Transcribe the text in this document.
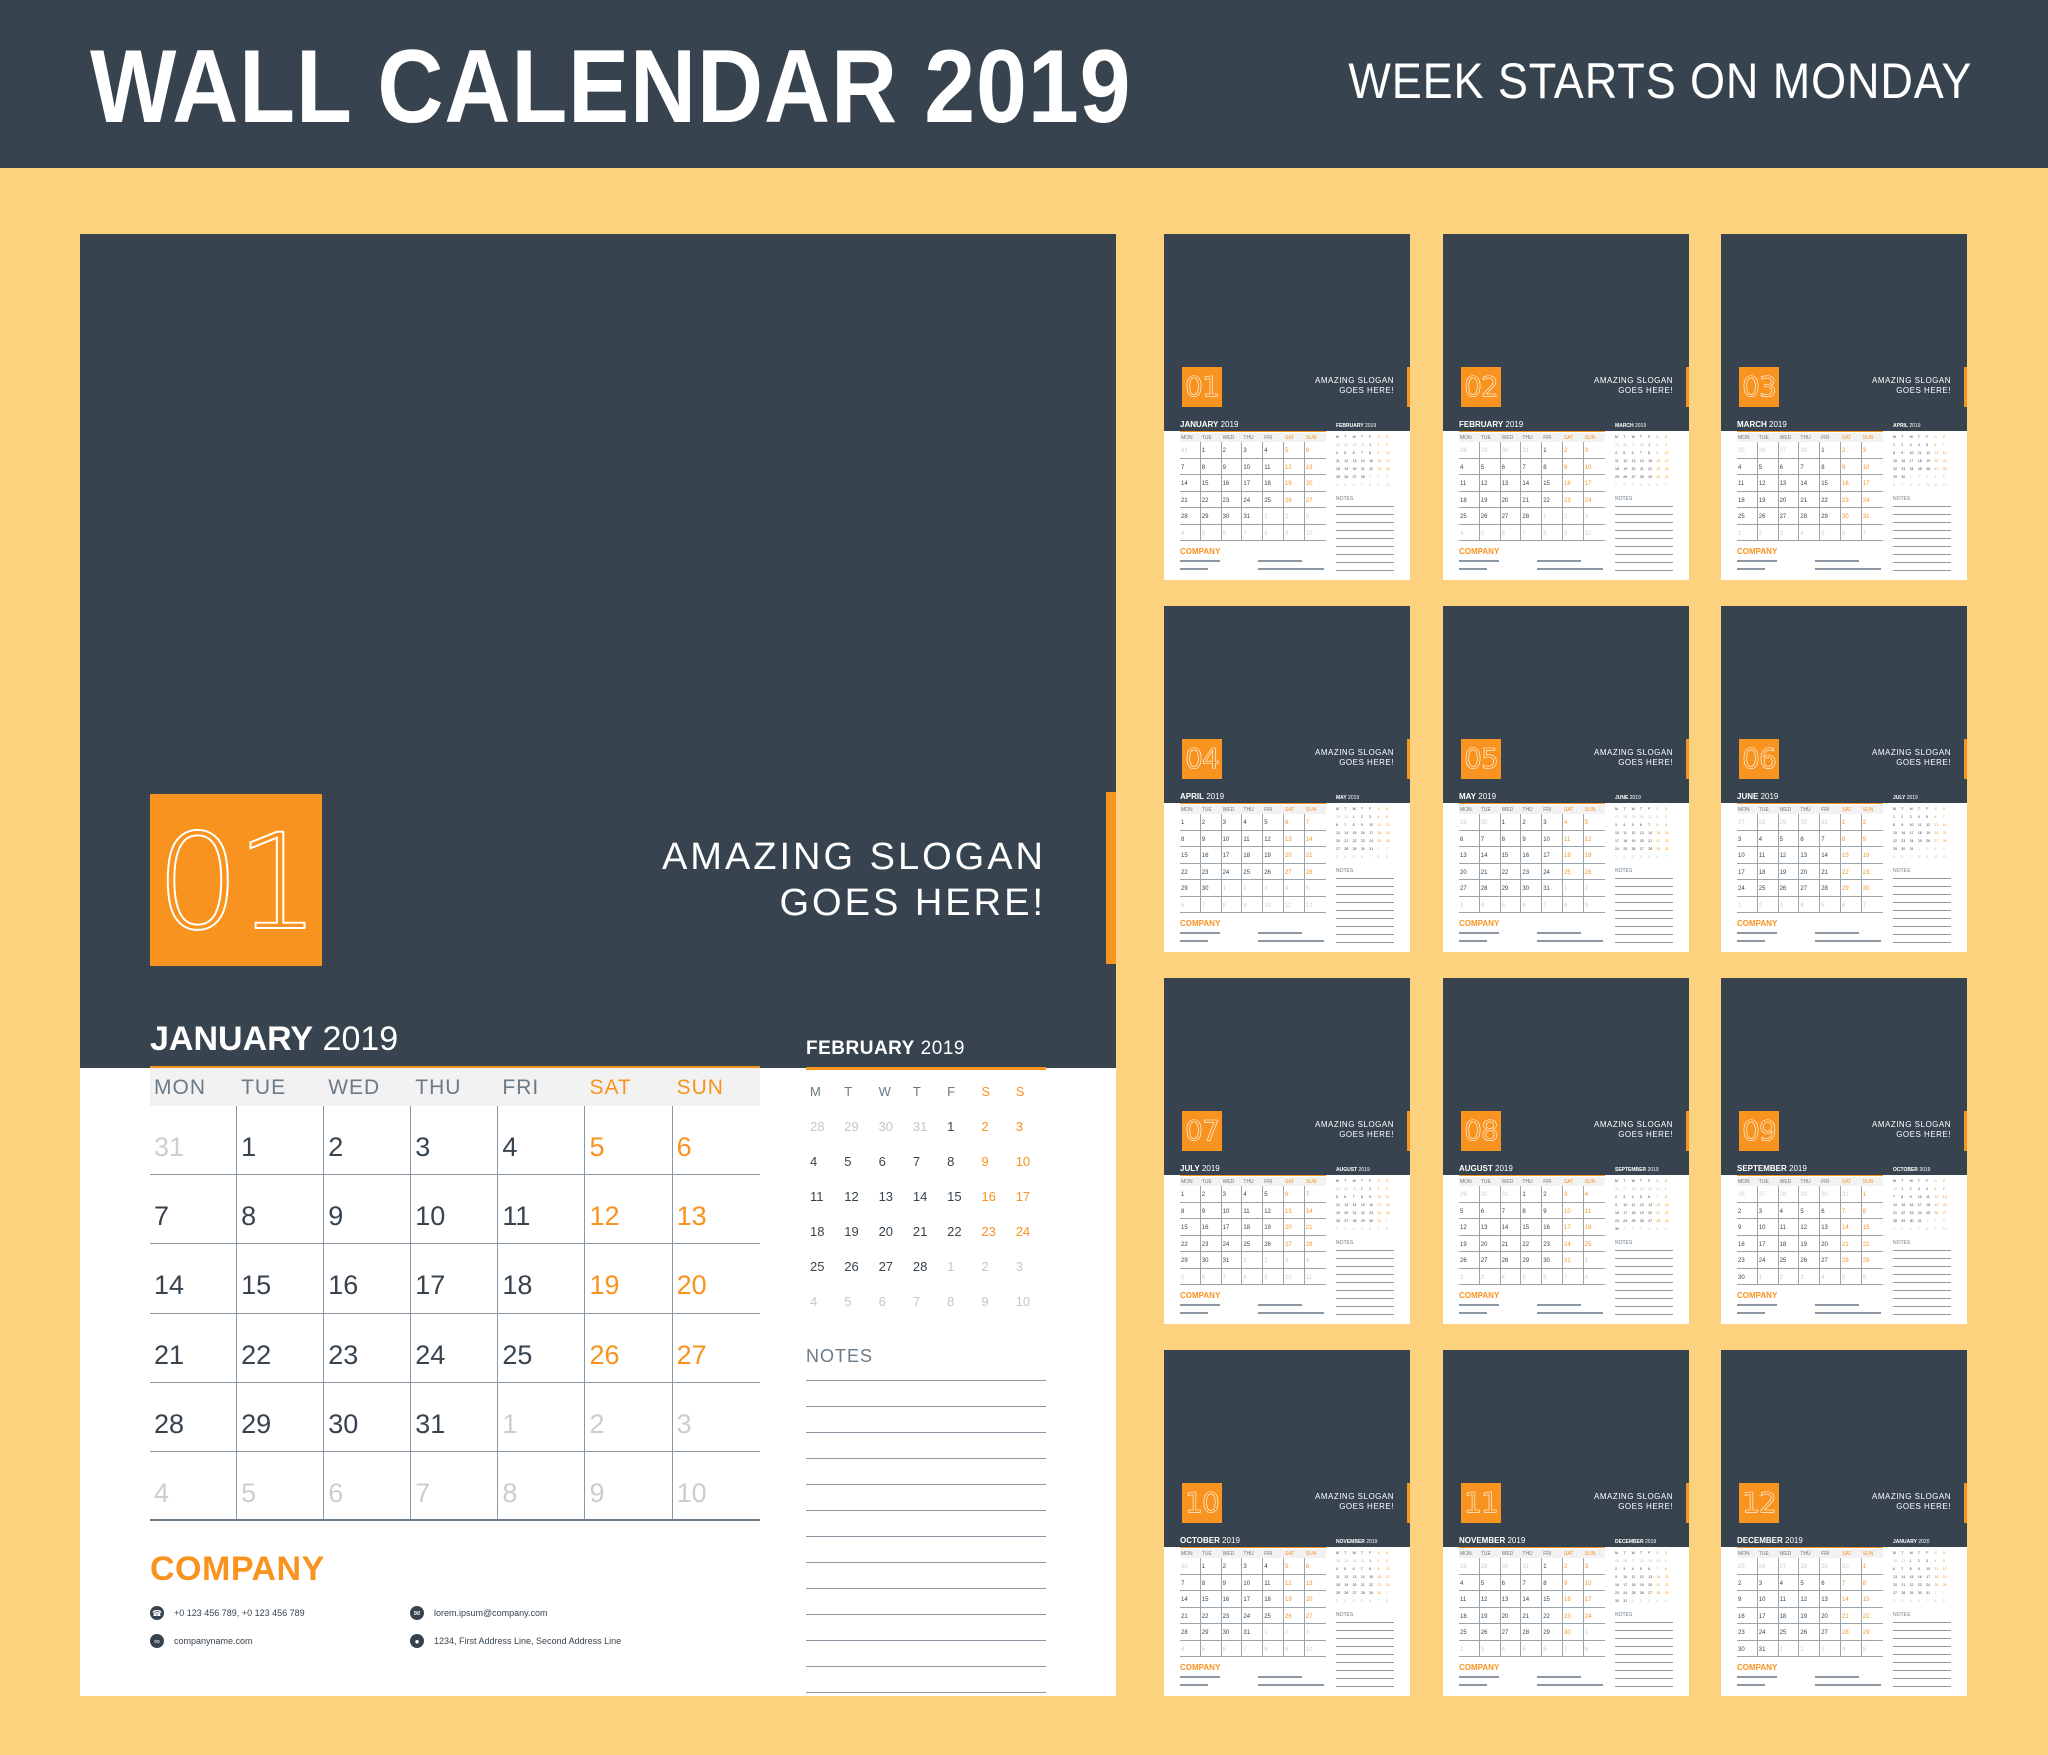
WALL CALENDAR 2019	WEEK STARTS ON MONDAY
01	AMAZING SLOGAN
GOES HERE!
JANUARY 2019
MON	TUE	WED	THU	FRI	SAT	SUN
31	1	2	3	4	5	6
7	8	9	10	11	12	13
14	15	16	17	18	19	20
21	22	23	24	25	26	27
28	29	30	31	1	2	3
4	5	6	7	8	9	10
FEBRUARY 2019
M	T	W	T	F	S	S
28	29	30	31	1	2	3
4	5	6	7	8	9	10
11	12	13	14	15	16	17
18	19	20	21	22	23	24
25	26	27	28	1	2	3
4	5	6	7	8	9	10
NOTES
COMPANY
☎ +0 123 456 789, +0 123 456 789
∞	companyname.com
✉	lorem.ipsum@company.com
●	1234, First Address Line, Second Address Line
01	AMAZING SLOGAN
GOES HERE!
JANUARY 2019
MON	TUE	WED	THU	FRI	SAT	SUN
31	1	2	3	4	5	6
7	8	9	10	11	12	13
14	15	16	17	18	19	20
21	22	23	24	25	26	27
28	29	30	31	1	2	3
4	5	6	7	8	9	10
FEBRUARY 2019
M	T	W	T	F	S	S
28	29	30	31	1	2	3
4	5	6	7	8	9	10
11	12	13	14	15	16	17
18	19	20	21	22	23	24
25	26	27	28	1	2	3
4	5	6	7	8	9	10
NOTES
COMPANY
02	AMAZING SLOGAN
GOES HERE!
FEBRUARY 2019
MON	TUE	WED	THU	FRI	SAT	SUN
28	29	30	31	1	2	3
4	5	6	7	8	9	10
11	12	13	14	15	16	17
18	19	20	21	22	23	24
25	26	27	28	1	2	3
4	5	6	7	8	9	10
MARCH 2019
M	T	W	T	F	S	S
25	26	27	28	1	2	3
4	5	6	7	8	9	10
11	12	13	14	15	16	17
18	19	20	21	22	23	24
25	26	27	28	29	30	31
1	2	3	4	5	6	7
NOTES
COMPANY
03	AMAZING SLOGAN
GOES HERE!
MARCH 2019
MON	TUE	WED	THU	FRI	SAT	SUN
25	26	27	28	1	2	3
4	5	6	7	8	9	10
11	12	13	14	15	16	17
18	19	20	21	22	23	24
25	26	27	28	29	30	31
1	2	3	4	5	6	7
APRIL 2019
M	T	W	T	F	S	S
1	2	3	4	5	6	7
8	9	10	11	12	13	14
15	16	17	18	19	20	21
22	23	24	25	26	27	28
29	30	1	2	3	4	5
6	7	8	9	10	11	12
NOTES
COMPANY
04	AMAZING SLOGAN
GOES HERE!
APRIL 2019
MON	TUE	WED	THU	FRI	SAT	SUN
1	2	3	4	5	6	7
8	9	10	11	12	13	14
15	16	17	18	19	20	21
22	23	24	25	26	27	28
29	30	1	2	3	4	5
6	7	8	9	10	11	12
MAY 2019
M	T	W	T	F	S	S
29	30	1	2	3	4	5
6	7	8	9	10	11	12
13	14	15	16	17	18	19
20	21	22	23	24	25	26
27	28	29	30	31	1	2
3	4	5	6	7	8	9
NOTES
COMPANY
05	AMAZING SLOGAN
GOES HERE!
MAY 2019
MON	TUE	WED	THU	FRI	SAT	SUN
29	30	1	2	3	4	5
6	7	8	9	10	11	12
13	14	15	16	17	18	19
20	21	22	23	24	25	26
27	28	29	30	31	1	2
3	4	5	6	7	8	9
JUNE 2019
M	T	W	T	F	S	S
27	28	29	30	31	1	2
3	4	5	6	7	8	9
10	11	12	13	14	15	16
17	18	19	20	21	22	23
24	25	26	27	28	29	30
1	2	3	4	5	6	7
NOTES
COMPANY
06	AMAZING SLOGAN
GOES HERE!
JUNE 2019
MON	TUE	WED	THU	FRI	SAT	SUN
27	28	29	30	31	1	2
3	4	5	6	7	8	9
10	11	12	13	14	15	16
17	18	19	20	21	22	23
24	25	26	27	28	29	30
1	2	3	4	5	6	7
JULY 2019
M	T	W	T	F	S	S
1	2	3	4	5	6	7
8	9	10	11	12	13	14
15	16	17	18	19	20	21
22	23	24	25	26	27	28
29	30	31	1	2	3	4
5	6	7	8	9	10	11
NOTES
COMPANY
07	AMAZING SLOGAN
GOES HERE!
JULY 2019
MON	TUE	WED	THU	FRI	SAT	SUN
1	2	3	4	5	6	7
8	9	10	11	12	13	14
15	16	17	18	19	20	21
22	23	24	25	26	27	28
29	30	31	1	2	3	4
5	6	7	8	9	10	11
AUGUST 2019
M	T	W	T	F	S	S
29	30	31	1	2	3	4
5	6	7	8	9	10	11
12	13	14	15	16	17	18
19	20	21	22	23	24	25
26	27	28	29	30	31	1
2	3	4	5	6	7	8
NOTES
COMPANY
08	AMAZING SLOGAN
GOES HERE!
AUGUST 2019
MON	TUE	WED	THU	FRI	SAT	SUN
29	30	31	1	2	3	4
5	6	7	8	9	10	11
12	13	14	15	16	17	18
19	20	21	22	23	24	25
26	27	28	29	30	31	1
2	3	4	5	6	7	8
SEPTEMBER 2019
M	T	W	T	F	S	S
26	27	28	29	30	31	1
2	3	4	5	6	7	8
9	10	11	12	13	14	15
16	17	18	19	20	21	22
23	24	25	26	27	28	29
30	1	2	3	4	5	6
NOTES
COMPANY
09	AMAZING SLOGAN
GOES HERE!
SEPTEMBER 2019
MON	TUE	WED	THU	FRI	SAT	SUN
26	27	28	29	30	31	1
2	3	4	5	6	7	8
9	10	11	12	13	14	15
16	17	18	19	20	21	22
23	24	25	26	27	28	29
30	1	2	3	4	5	6
OCTOBER 2019
M	T	W	T	F	S	S
30	1	2	3	4	5	6
7	8	9	10	11	12	13
14	15	16	17	18	19	20
21	22	23	24	25	26	27
28	29	30	31	1	2	3
4	5	6	7	8	9	10
NOTES
COMPANY
10	AMAZING SLOGAN
GOES HERE!
OCTOBER 2019
MON	TUE	WED	THU	FRI	SAT	SUN
30	1	2	3	4	5	6
7	8	9	10	11	12	13
14	15	16	17	18	19	20
21	22	23	24	25	26	27
28	29	30	31	1	2	3
4	5	6	7	8	9	10
NOVEMBER 2019
M	T	W	T	F	S	S
28	29	30	31	1	2	3
4	5	6	7	8	9	10
11	12	13	14	15	16	17
18	19	20	21	22	23	24
25	26	27	28	29	30	1
2	3	4	5	6	7	8
NOTES
COMPANY
11	AMAZING SLOGAN
GOES HERE!
NOVEMBER 2019
MON	TUE	WED	THU	FRI	SAT	SUN
28	29	30	31	1	2	3
4	5	6	7	8	9	10
11	12	13	14	15	16	17
18	19	20	21	22	23	24
25	26	27	28	29	30	1
2	3	4	5	6	7	8
DECEMBER 2019
M	T	W	T	F	S	S
25	26	27	28	29	30	1
2	3	4	5	6	7	8
9	10	11	12	13	14	15
16	17	18	19	20	21	22
23	24	25	26	27	28	29
30	31	1	2	3	4	5
NOTES
COMPANY
12	AMAZING SLOGAN
GOES HERE!
DECEMBER 2019
MON	TUE	WED	THU	FRI	SAT	SUN
25	26	27	28	29	30	1
2	3	4	5	6	7	8
9	10	11	12	13	14	15
16	17	18	19	20	21	22
23	24	25	26	27	28	29
30	31	1	2	3	4	5
JANUARY 2020
M	T	W	T	F	S	S
30	31	1	2	3	4	5
6	7	8	9	10	11	12
13	14	15	16	17	18	19
20	21	22	23	24	25	26
27	28	29	30	31	1	2
3	4	5	6	7	8	9
NOTES
COMPANY
